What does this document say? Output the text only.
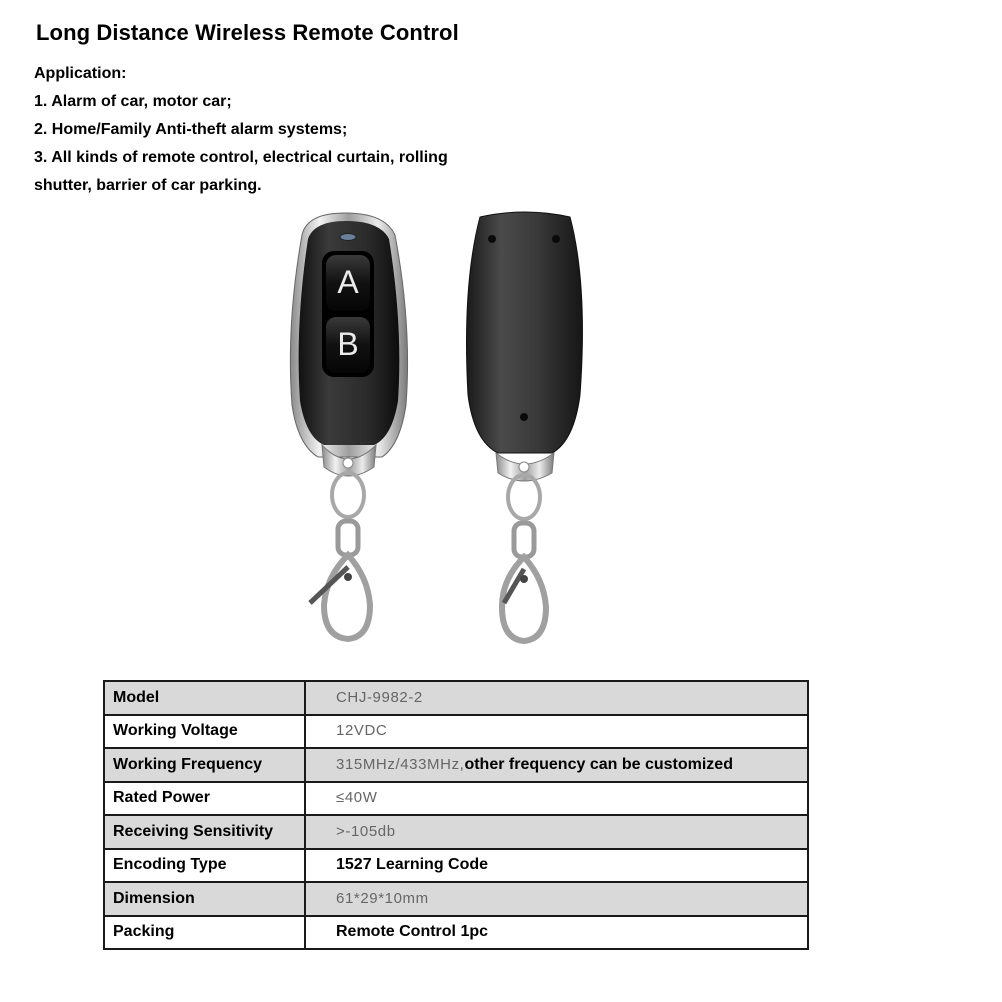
Long Distance Wireless Remote Control
Application:
1. Alarm of car, motor car;
2. Home/Family Anti-theft alarm systems;
3. All kinds of remote control, electrical curtain, rolling
shutter, barrier of car parking.
A
B
Model	CHJ-9982-2
Working Voltage	12VDC
Working Frequency	315MHz/433MHz,other frequency can be customized
Rated Power	≤40W
Receiving Sensitivity	>-105db
Encoding Type	1527 Learning Code
Dimension	61*29*10mm
Packing	Remote Control 1pc
